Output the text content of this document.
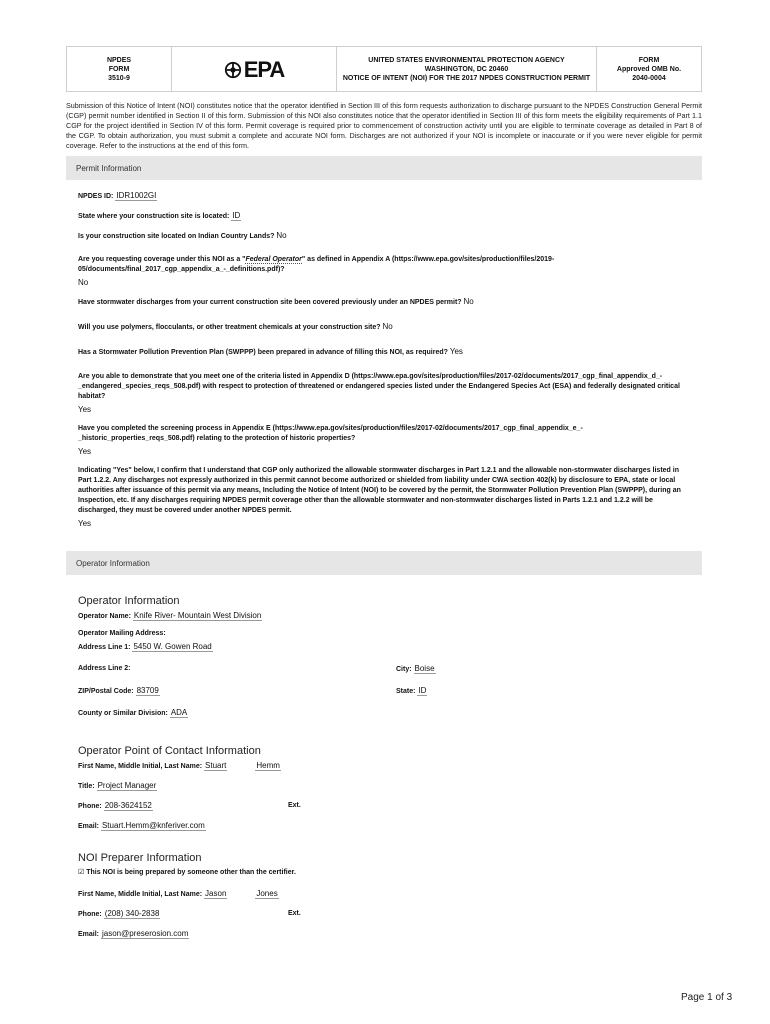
NPDES
FORM
3510-9	EPA	UNITED STATES ENVIRONMENTAL PROTECTION AGENCY
WASHINGTON, DC 20460
NOTICE OF INTENT (NOI) FOR THE 2017 NPDES CONSTRUCTION PERMIT
FORM
Approved OMB No.
2040-0004
Submission of this Notice of Intent (NOI) constitutes notice that the operator identified in Section III of this form requests authorization to discharge pursuant to the NPDES Construction General Permit (CGP) permit number identified in Section II of this form. Submission of this NOI also constitutes notice that the operator identified in Section III of this form meets the eligibility requirements of Part 1.1 CGP for the project identified in Section IV of this form. Permit coverage is required prior to commencement of construction activity until you are eligible to terminate coverage as detailed in Part 8 of the CGP. To obtain authorization, you must submit a complete and accurate NOI form. Discharges are not authorized if your NOI is incomplete or inaccurate or if you were never eligible for permit coverage. Refer to the instructions at the end of this form.
Permit Information
NPDES ID: IDR1002GI
State where your construction site is located: ID
Is your construction site located on Indian Country Lands? No
Are you requesting coverage under this NOI as a "Federal Operator" as defined in Appendix A (https://www.epa.gov/sites/production/files/2019-05/documents/final_2017_cgp_appendix_a_-_definitions.pdf)?
No
Have stormwater discharges from your current construction site been covered previously under an NPDES permit? No
Will you use polymers, flocculants, or other treatment chemicals at your construction site? No
Has a Stormwater Pollution Prevention Plan (SWPPP) been prepared in advance of filling this NOI, as required? Yes
Are you able to demonstrate that you meet one of the criteria listed in Appendix D (https://www.epa.gov/sites/production/files/2017-02/documents/2017_cgp_final_appendix_d_-_endangered_species_reqs_508.pdf) with respect to protection of threatened or endangered species listed under the Endangered Species Act (ESA) and federally designated critical habitat?
Yes
Have you completed the screening process in Appendix E (https://www.epa.gov/sites/production/files/2017-02/documents/2017_cgp_final_appendix_e_-_historic_properties_reqs_508.pdf) relating to the protection of historic properties?
Yes
Indicating "Yes" below, I confirm that I understand that CGP only authorized the allowable stormwater discharges in Part 1.2.1 and the allowable non-stormwater discharges listed in Part 1.2.2. Any discharges not expressly authorized in this permit cannot become authorized or shielded from liability under CWA section 402(k) by disclosure to EPA, state or local authorities after issuance of this permit via any means, Including the Notice of Intent (NOI) to be covered by the permit, the Stormwater Pollution Prevention Plan (SWPPP), during an Inspection, etc. If any discharges requiring NPDES permit coverage other than the allowable stormwater and non-stormwater discharges listed in Parts 1.2.1 and 1.2.2 will be discharged, they must be covered under another NPDES permit.
Yes
Operator Information
Operator Information
Operator Name: Knife River- Mountain West Division
Operator Mailing Address:
Address Line 1: 5450 W. Gowen Road
Address Line 2:	City: Boise
ZIP/Postal Code: 83709	State: ID
County or Similar Division: ADA
Operator Point of Contact Information
First Name, Middle Initial, Last Name: Stuart	Hemm
Title: Project Manager
Phone: 208-3624152	Ext.
Email: Stuart.Hemm@knferiver.com
NOI Preparer Information
☑ This NOI is being prepared by someone other than the certifier.
First Name, Middle Initial, Last Name: Jason	Jones
Phone: (208) 340-2838	Ext.
Email: jason@preserosion.com
Page 1 of 3
